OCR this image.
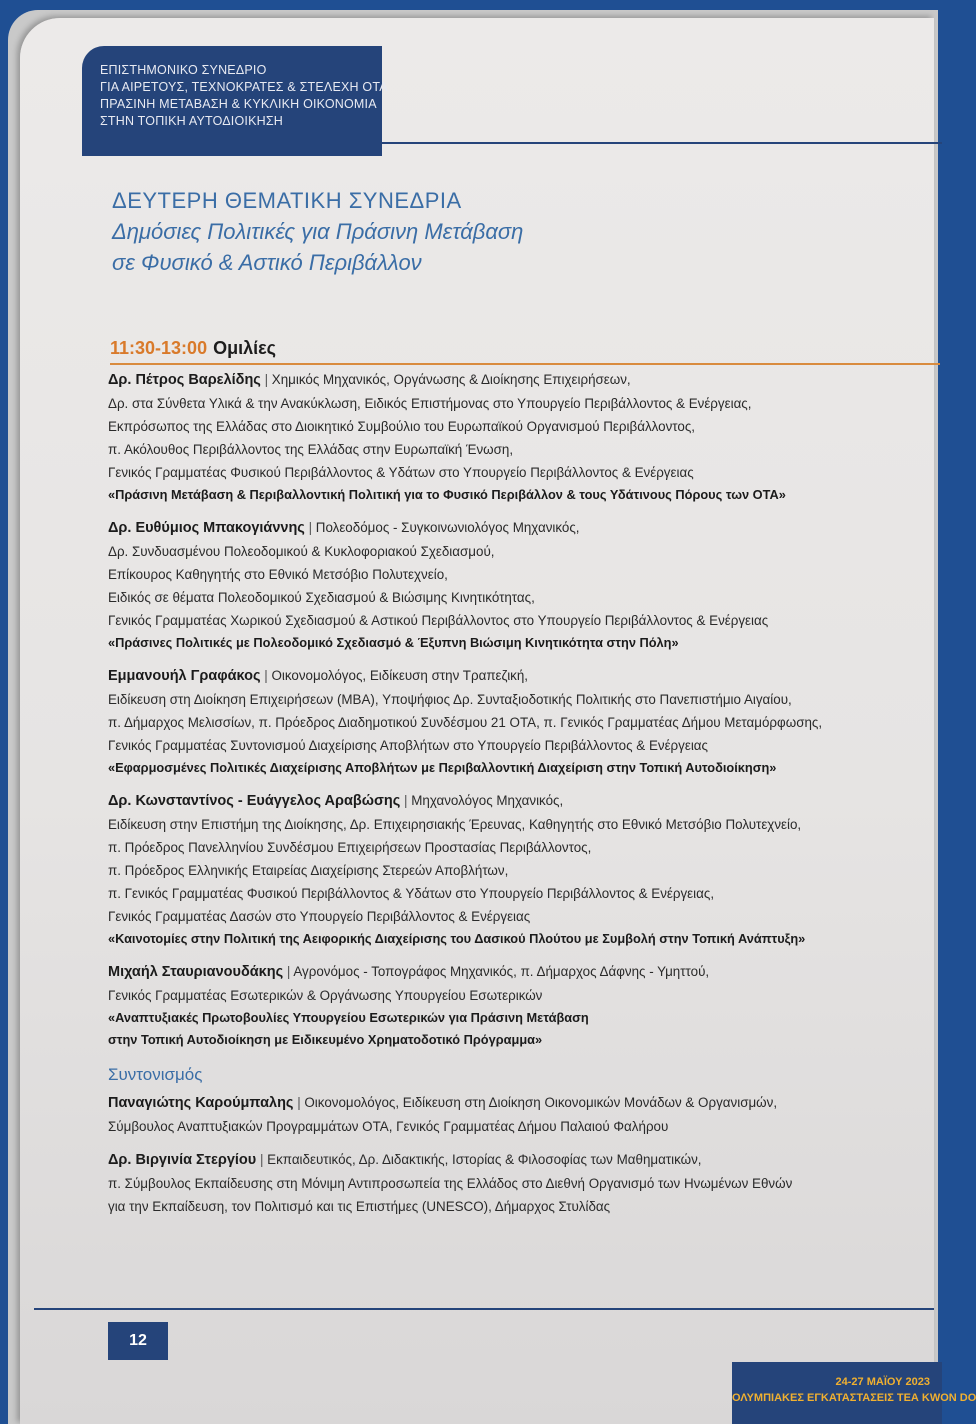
ΕΠΙΣΤΗΜΟΝΙΚΟ ΣΥΝΕΔΡΙΟ
ΓΙΑ ΑΙΡΕΤΟΥΣ, ΤΕΧΝΟΚΡΑΤΕΣ & ΣΤΕΛΕΧΗ ΟΤΑ
ΠΡΑΣΙΝΗ ΜΕΤΑΒΑΣΗ & ΚΥΚΛΙΚΗ ΟΙΚΟΝΟΜΙΑ
ΣΤΗΝ ΤΟΠΙΚΗ ΑΥΤΟΔΙΟΙΚΗΣΗ
ΔΕΥΤΕΡΗ ΘΕΜΑΤΙΚΗ ΣΥΝΕΔΡΙΑ
Δημόσιες Πολιτικές για Πράσινη Μετάβαση
σε Φυσικό & Αστικό Περιβάλλον
11:30-13:00 Ομιλίες
Δρ. Πέτρος Βαρελίδης | Χημικός Μηχανικός, Οργάνωσης & Διοίκησης Επιχειρήσεων,
Δρ. στα Σύνθετα Υλικά & την Ανακύκλωση, Ειδικός Επιστήμονας στο Υπουργείο Περιβάλλοντος & Ενέργειας,
Εκπρόσωπος της Ελλάδας στο Διοικητικό Συμβούλιο του Ευρωπαϊκού Οργανισμού Περιβάλλοντος,
π. Ακόλουθος Περιβάλλοντος της Ελλάδας στην Ευρωπαϊκή Ένωση,
Γενικός Γραμματέας Φυσικού Περιβάλλοντος & Υδάτων στο Υπουργείο Περιβάλλοντος & Ενέργειας
«Πράσινη Μετάβαση & Περιβαλλοντική Πολιτική για το Φυσικό Περιβάλλον & τους Υδάτινους Πόρους των ΟΤΑ»
Δρ. Ευθύμιος Μπακογιάννης | Πολεοδόμος - Συγκοινωνιολόγος Μηχανικός,
Δρ. Συνδυασμένου Πολεοδομικού & Κυκλοφοριακού Σχεδιασμού,
Επίκουρος Καθηγητής στο Εθνικό Μετσόβιο Πολυτεχνείο,
Ειδικός σε θέματα Πολεοδομικού Σχεδιασμού & Βιώσιμης Κινητικότητας,
Γενικός Γραμματέας Χωρικού Σχεδιασμού & Αστικού Περιβάλλοντος στο Υπουργείο Περιβάλλοντος & Ενέργειας
«Πράσινες Πολιτικές με Πολεοδομικό Σχεδιασμό & Έξυπνη Βιώσιμη Κινητικότητα στην Πόλη»
Εμμανουήλ Γραφάκος | Οικονομολόγος, Ειδίκευση στην Τραπεζική,
Ειδίκευση στη Διοίκηση Επιχειρήσεων (MBA), Υποψήφιος Δρ. Συνταξιοδοτικής Πολιτικής στο Πανεπιστήμιο Αιγαίου,
π. Δήμαρχος Μελισσίων, π. Πρόεδρος Διαδημοτικού Συνδέσμου 21 ΟΤΑ, π. Γενικός Γραμματέας Δήμου Μεταμόρφωσης,
Γενικός Γραμματέας Συντονισμού Διαχείρισης Αποβλήτων στο Υπουργείο Περιβάλλοντος & Ενέργειας
«Εφαρμοσμένες Πολιτικές Διαχείρισης Αποβλήτων με Περιβαλλοντική Διαχείριση στην Τοπική Αυτοδιοίκηση»
Δρ. Κωνσταντίνος - Ευάγγελος Αραβώσης | Μηχανολόγος Μηχανικός,
Ειδίκευση στην Επιστήμη της Διοίκησης, Δρ. Επιχειρησιακής Έρευνας, Καθηγητής στο Εθνικό Μετσόβιο Πολυτεχνείο,
π. Πρόεδρος Πανελληνίου Συνδέσμου Επιχειρήσεων Προστασίας Περιβάλλοντος,
π. Πρόεδρος Ελληνικής Εταιρείας Διαχείρισης Στερεών Αποβλήτων,
π. Γενικός Γραμματέας Φυσικού Περιβάλλοντος & Υδάτων στο Υπουργείο Περιβάλλοντος & Ενέργειας,
Γενικός Γραμματέας Δασών στο Υπουργείο Περιβάλλοντος & Ενέργειας
«Καινοτομίες στην Πολιτική της Αειφορικής Διαχείρισης του Δασικού Πλούτου με Συμβολή στην Τοπική Ανάπτυξη»
Μιχαήλ Σταυριανουδάκης | Αγρονόμος - Τοπογράφος Μηχανικός, π. Δήμαρχος Δάφνης - Υμηττού,
Γενικός Γραμματέας Εσωτερικών & Οργάνωσης Υπουργείου Εσωτερικών
«Αναπτυξιακές Πρωτοβουλίες Υπουργείου Εσωτερικών για Πράσινη Μετάβαση
στην Τοπική Αυτοδιοίκηση με Ειδικευμένο Χρηματοδοτικό Πρόγραμμα»
Συντονισμός
Παναγιώτης Καρούμπαλης | Οικονομολόγος, Ειδίκευση στη Διοίκηση Οικονομικών Μονάδων & Οργανισμών,
Σύμβουλος Αναπτυξιακών Προγραμμάτων ΟΤΑ, Γενικός Γραμματέας Δήμου Παλαιού Φαλήρου
Δρ. Βιργινία Στεργίου | Εκπαιδευτικός, Δρ. Διδακτικής, Ιστορίας & Φιλοσοφίας των Μαθηματικών,
π. Σύμβουλος Εκπαίδευσης στη Μόνιμη Αντιπροσωπεία της Ελλάδος στο Διεθνή Οργανισμό των Ηνωμένων Εθνών
για την Εκπαίδευση, τον Πολιτισμό και τις Επιστήμες (UNESCO), Δήμαρχος Στυλίδας
12
24-27 ΜΑΪΟΥ 2023
ΟΛΥΜΠΙΑΚΕΣ ΕΓΚΑΤΑΣΤΑΣΕΙΣ ΤΕΑ KWON DO
